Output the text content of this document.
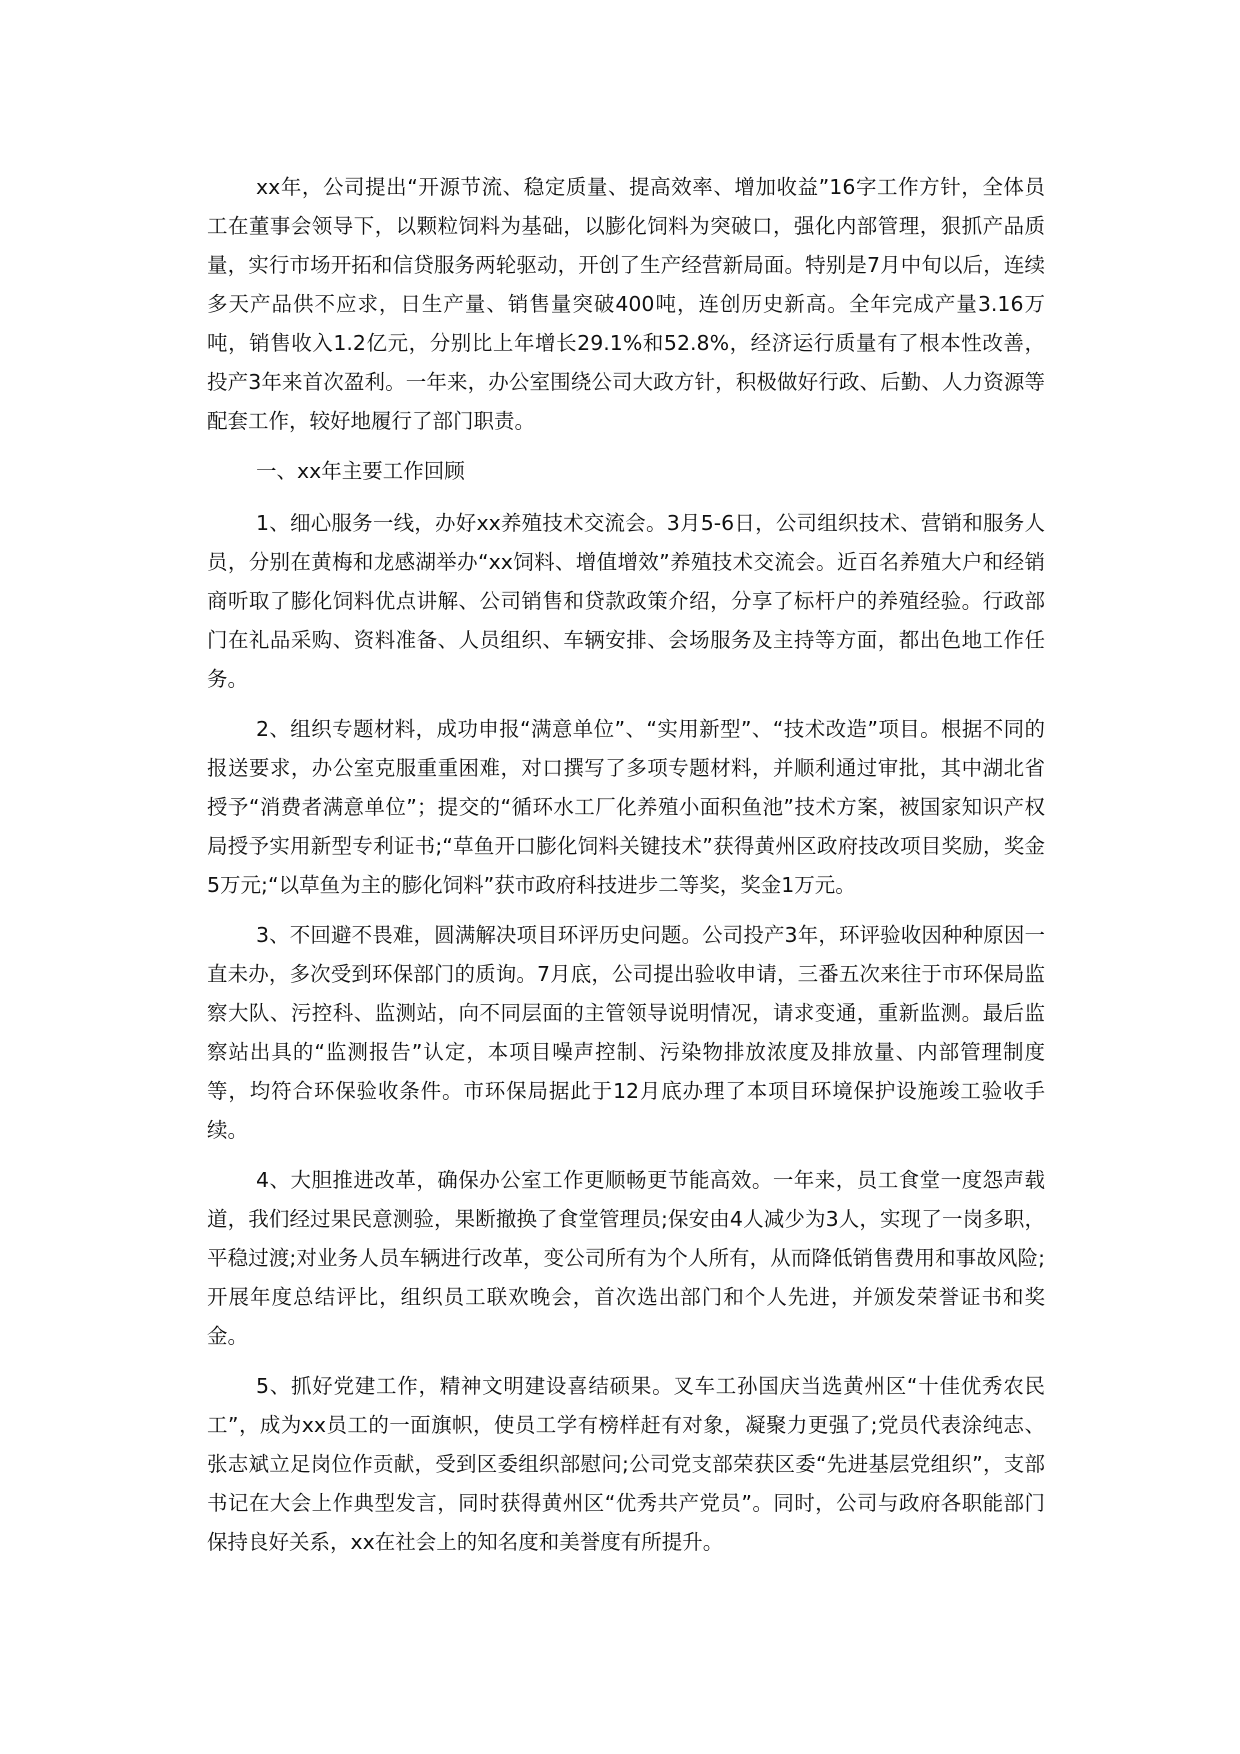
xx年，公司提出“开源节流、稳定质量、提高效率、增加收益”16字工作方针，全体员工在董事会领导下，以颗粒饲料为基础，以膨化饲料为突破口，强化内部管理，狠抓产品质量，实行市场开拓和信贷服务两轮驱动，开创了生产经营新局面。特别是7月中旬以后，连续多天产品供不应求，日生产量、销售量突破400吨，连创历史新高。全年完成产量3.16万吨，销售收入1.2亿元，分别比上年增长29.1%和52.8%，经济运行质量有了根本性改善，投产3年来首次盈利。一年来，办公室围绕公司大政方针，积极做好行政、后勤、人力资源等配套工作，较好地履行了部门职责。

一、xx年主要工作回顾

1、细心服务一线，办好xx养殖技术交流会。3月5-6日，公司组织技术、营销和服务人员，分别在黄梅和龙感湖举办“xx饲料、增值增效”养殖技术交流会。近百名养殖大户和经销商听取了膨化饲料优点讲解、公司销售和贷款政策介绍，分享了标杆户的养殖经验。行政部门在礼品采购、资料准备、人员组织、车辆安排、会场服务及主持等方面，都出色地工作任务。

2、组织专题材料，成功申报“满意单位”、“实用新型”、“技术改造”项目。根据不同的报送要求，办公室克服重重困难，对口撰写了多项专题材料，并顺利通过审批，其中湖北省授予“消费者满意单位”；提交的“循环水工厂化养殖小面积鱼池”技术方案，被国家知识产权局授予实用新型专利证书;“草鱼开口膨化饲料关键技术”获得黄州区政府技改项目奖励，奖金5万元;“以草鱼为主的膨化饲料”获市政府科技进步二等奖，奖金1万元。

3、不回避不畏难，圆满解决项目环评历史问题。公司投产3年，环评验收因种种原因一直未办，多次受到环保部门的质询。7月底，公司提出验收申请，三番五次来往于市环保局监察大队、污控科、监测站，向不同层面的主管领导说明情况，请求变通，重新监测。最后监察站出具的“监测报告”认定，本项目噪声控制、污染物排放浓度及排放量、内部管理制度等，均符合环保验收条件。市环保局据此于12月底办理了本项目环境保护设施竣工验收手续。

4、大胆推进改革，确保办公室工作更顺畅更节能高效。一年来，员工食堂一度怨声载道，我们经过果民意测验，果断撤换了食堂管理员;保安由4人减少为3人，实现了一岗多职，平稳过渡;对业务人员车辆进行改革，变公司所有为个人所有，从而降低销售费用和事故风险;开展年度总结评比，组织员工联欢晚会，首次选出部门和个人先进，并颁发荣誉证书和奖金。

5、抓好党建工作，精神文明建设喜结硕果。叉车工孙国庆当选黄州区“十佳优秀农民工”，成为xx员工的一面旗帜，使员工学有榜样赶有对象，凝聚力更强了;党员代表涂纯志、张志斌立足岗位作贡献，受到区委组织部慰问;公司党支部荣获区委“先进基层党组织”，支部书记在大会上作典型发言，同时获得黄州区“优秀共产党员”。同时，公司与政府各职能部门保持良好关系，xx在社会上的知名度和美誉度有所提升。
